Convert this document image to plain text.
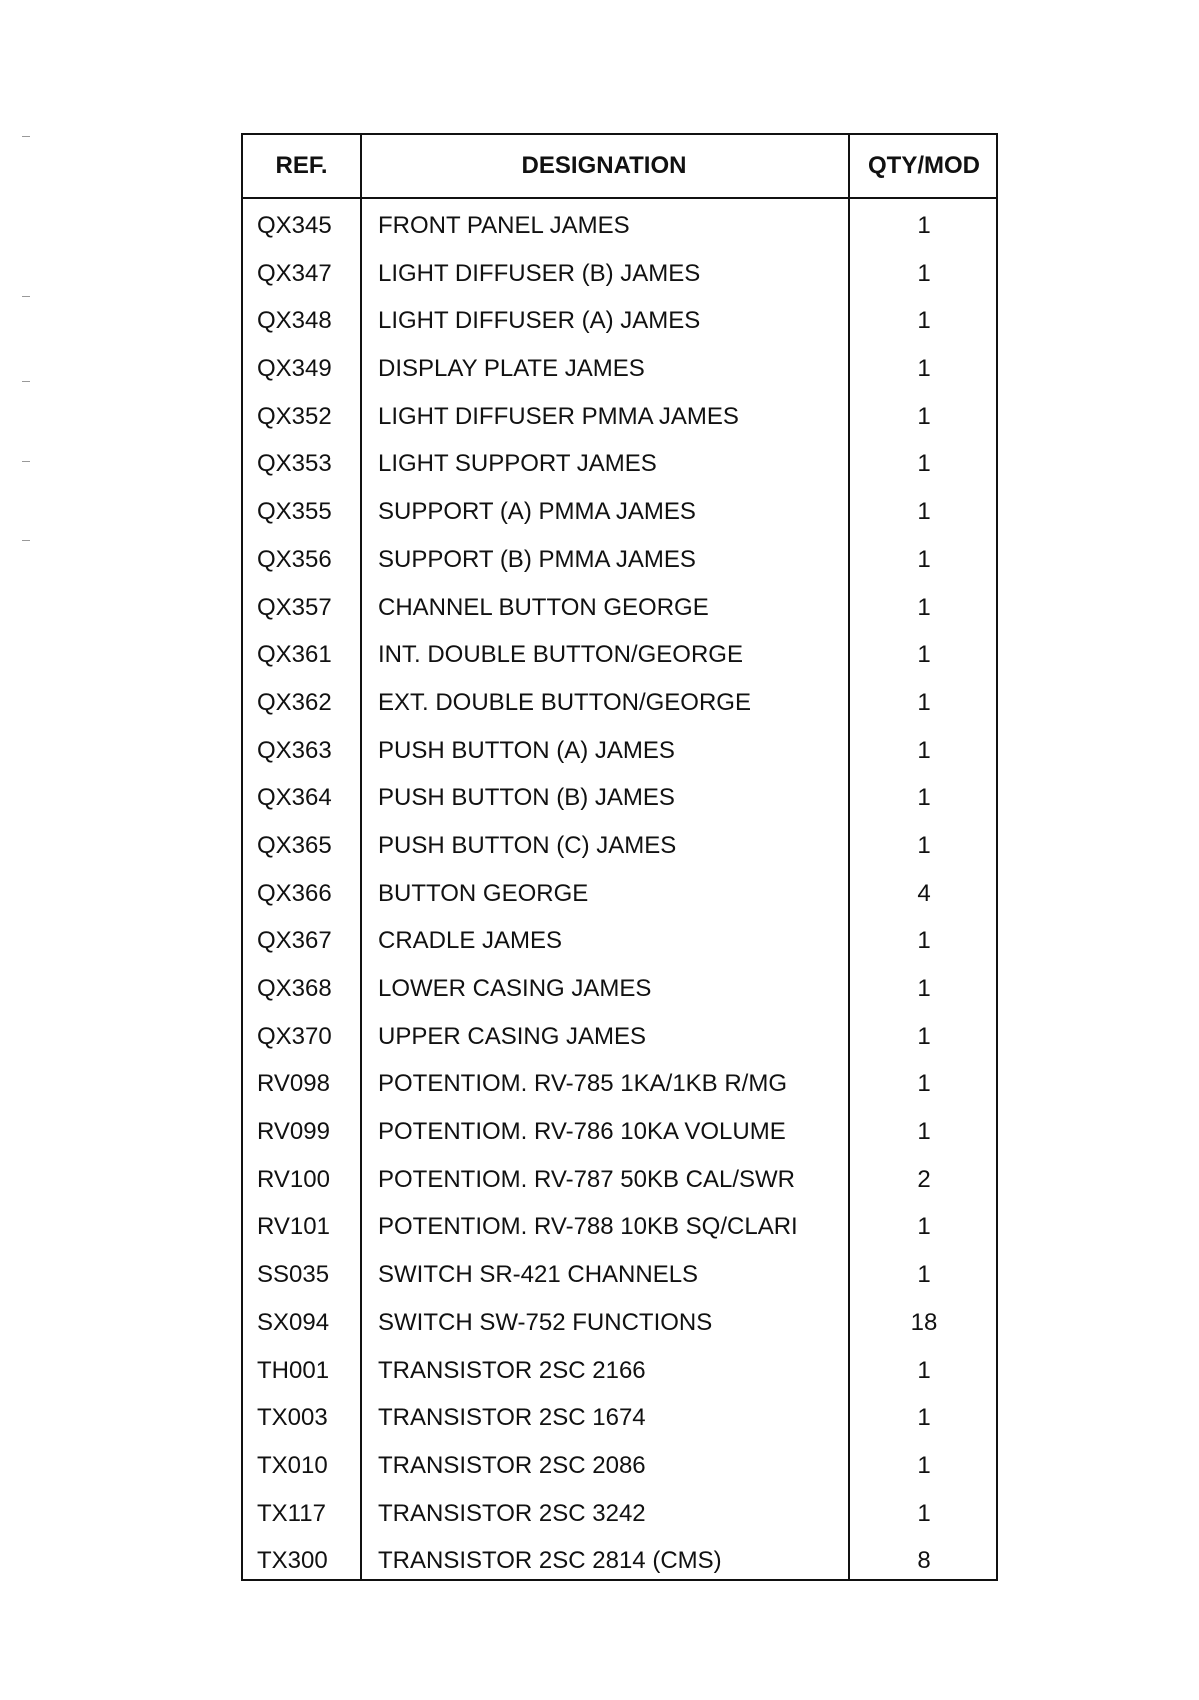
REF.	DESIGNATION	QTY/MOD
QX345	FRONT PANEL JAMES	1
QX347	LIGHT DIFFUSER (B) JAMES	1
QX348	LIGHT DIFFUSER (A) JAMES	1
QX349	DISPLAY PLATE JAMES	1
QX352	LIGHT DIFFUSER PMMA JAMES	1
QX353	LIGHT SUPPORT JAMES	1
QX355	SUPPORT (A) PMMA JAMES	1
QX356	SUPPORT (B) PMMA JAMES	1
QX357	CHANNEL BUTTON GEORGE	1
QX361	INT. DOUBLE BUTTON/GEORGE	1
QX362	EXT. DOUBLE BUTTON/GEORGE	1
QX363	PUSH BUTTON (A) JAMES	1
QX364	PUSH BUTTON (B) JAMES	1
QX365	PUSH BUTTON (C) JAMES	1
QX366	BUTTON GEORGE	4
QX367	CRADLE JAMES	1
QX368	LOWER CASING JAMES	1
QX370	UPPER CASING JAMES	1
RV098	POTENTIOM. RV-785 1KA/1KB R/MG	1
RV099	POTENTIOM. RV-786 10KA VOLUME	1
RV100	POTENTIOM. RV-787 50KB CAL/SWR	2
RV101	POTENTIOM. RV-788 10KB SQ/CLARI	1
SS035	SWITCH SR-421 CHANNELS	1
SX094	SWITCH SW-752 FUNCTIONS	18
TH001	TRANSISTOR 2SC 2166	1
TX003	TRANSISTOR 2SC 1674	1
TX010	TRANSISTOR 2SC 2086	1
TX117	TRANSISTOR 2SC 3242	1
TX300	TRANSISTOR 2SC 2814 (CMS)	8
